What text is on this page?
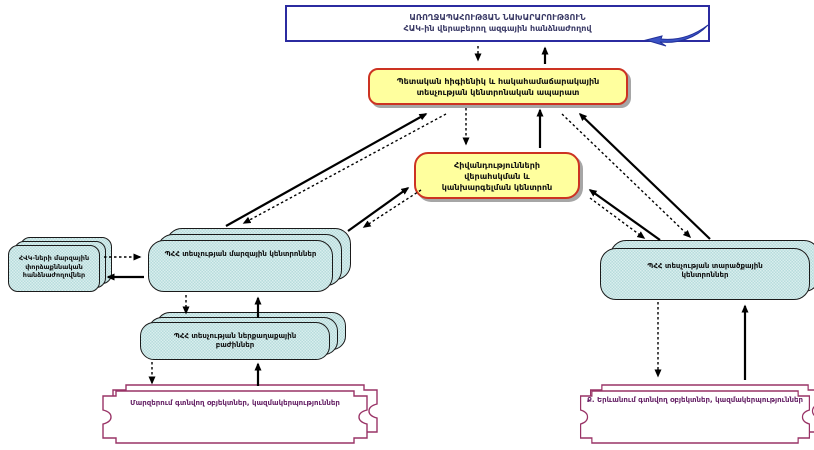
ԱՌՈՂՋԱՊԱՀՈՒԹՅԱՆ ՆԱԽԱՐԱՐՈՒԹՅՈՒՆ
ՀԱԿ-ին վերաբերող ազգային հանձնաժողով
Պետական հիգիենիկ և հակահամաճարակային
տեսչության կենտրոնական ապարատ
Հիվանդությունների
վերահսկման և
կանխարգելման կենտրոն
ՊՀՀ տեսչության մարզային կենտրոններ
ՀՎԿ-ների մարզային
փորձաքննական
հանձնաժողովներ
ՊՀՀ տեսչության ներքաղաքային
բաժիններ
ՊՀՀ տեսչության տարածքային
կենտրոններ
Մարզերում գտնվող օբյեկտներ, կազմակերպություններ	Ք. Երևանում գտնվող օբյեկտներ, կազմակերպություններ
